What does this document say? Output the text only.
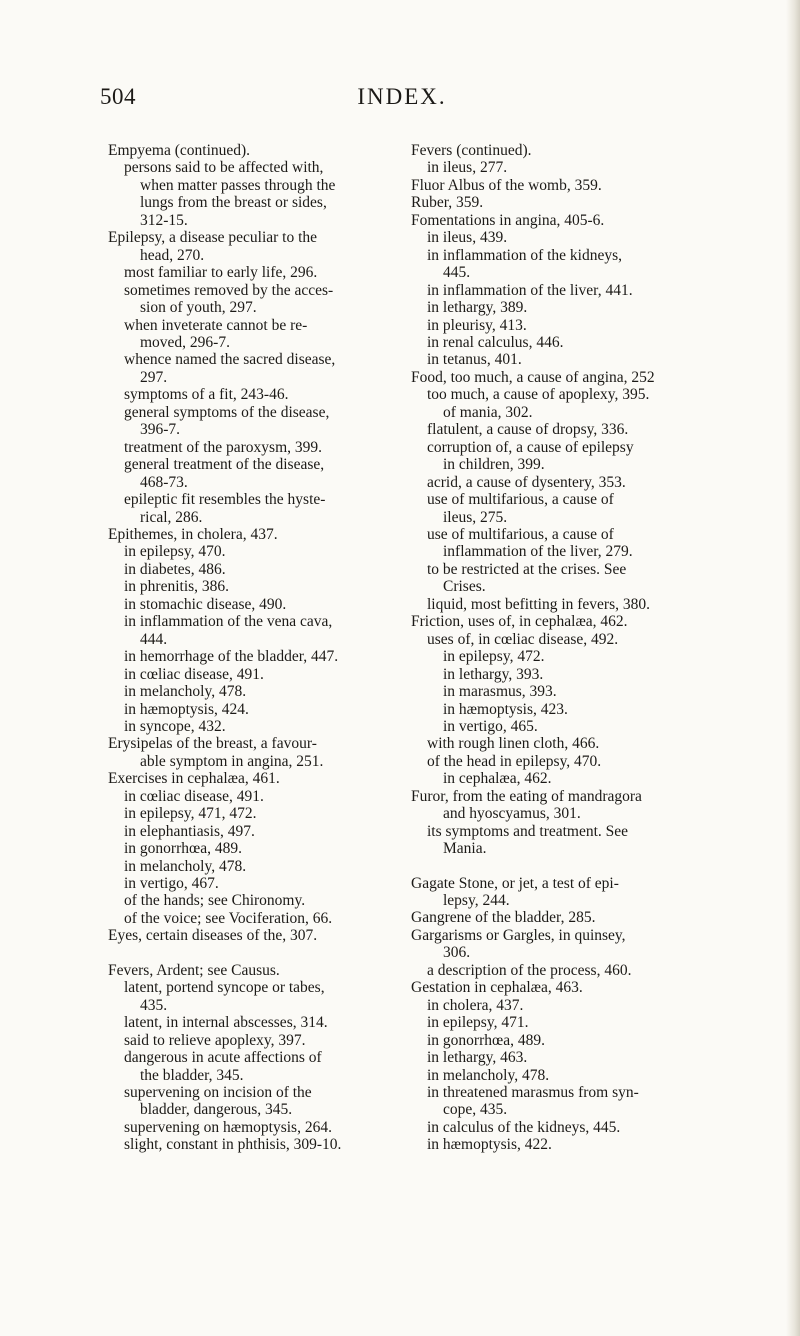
504	INDEX.
Empyema (continued).
persons said to be affected with,
when matter passes through the
lungs from the breast or sides,
312-15.
Epilepsy, a disease peculiar to the
head, 270.
most familiar to early life, 296.
sometimes removed by the acces-
sion of youth, 297.
when inveterate cannot be re-
moved, 296-7.
whence named the sacred disease,
297.
symptoms of a fit, 243-46.
general symptoms of the disease,
396-7.
treatment of the paroxysm, 399.
general treatment of the disease,
468-73.
epileptic fit resembles the hyste-
rical, 286.
Epithemes, in cholera, 437.
in epilepsy, 470.
in diabetes, 486.
in phrenitis, 386.
in stomachic disease, 490.
in inflammation of the vena cava,
444.
in hemorrhage of the bladder, 447.
in cœliac disease, 491.
in melancholy, 478.
in hæmoptysis, 424.
in syncope, 432.
Erysipelas of the breast, a favour-
able symptom in angina, 251.
Exercises in cephalæa, 461.
in cœliac disease, 491.
in epilepsy, 471, 472.
in elephantiasis, 497.
in gonorrhœa, 489.
in melancholy, 478.
in vertigo, 467.
of the hands; see Chironomy.
of the voice; see Vociferation, 66.
Eyes, certain diseases of the, 307.
Fevers, Ardent; see Causus.
latent, portend syncope or tabes,
435.
latent, in internal abscesses, 314.
said to relieve apoplexy, 397.
dangerous in acute affections of
the bladder, 345.
supervening on incision of the
bladder, dangerous, 345.
supervening on hæmoptysis, 264.
slight, constant in phthisis, 309-10.
Fevers (continued).
in ileus, 277.
Fluor Albus of the womb, 359.
Ruber, 359.
Fomentations in angina, 405-6.
in ileus, 439.
in inflammation of the kidneys,
445.
in inflammation of the liver, 441.
in lethargy, 389.
in pleurisy, 413.
in renal calculus, 446.
in tetanus, 401.
Food, too much, a cause of angina, 252
too much, a cause of apoplexy, 395.
of mania, 302.
flatulent, a cause of dropsy, 336.
corruption of, a cause of epilepsy
in children, 399.
acrid, a cause of dysentery, 353.
use of multifarious, a cause of
ileus, 275.
use of multifarious, a cause of
inflammation of the liver, 279.
to be restricted at the crises. See
Crises.
liquid, most befitting in fevers, 380.
Friction, uses of, in cephalæa, 462.
uses of, in cœliac disease, 492.
in epilepsy, 472.
in lethargy, 393.
in marasmus, 393.
in hæmoptysis, 423.
in vertigo, 465.
with rough linen cloth, 466.
of the head in epilepsy, 470.
in cephalæa, 462.
Furor, from the eating of mandragora
and hyoscyamus, 301.
its symptoms and treatment. See
Mania.
Gagate Stone, or jet, a test of epi-
lepsy, 244.
Gangrene of the bladder, 285.
Gargarisms or Gargles, in quinsey,
306.
a description of the process, 460.
Gestation in cephalæa, 463.
in cholera, 437.
in epilepsy, 471.
in gonorrhœa, 489.
in lethargy, 463.
in melancholy, 478.
in threatened marasmus from syn-
cope, 435.
in calculus of the kidneys, 445.
in hæmoptysis, 422.
